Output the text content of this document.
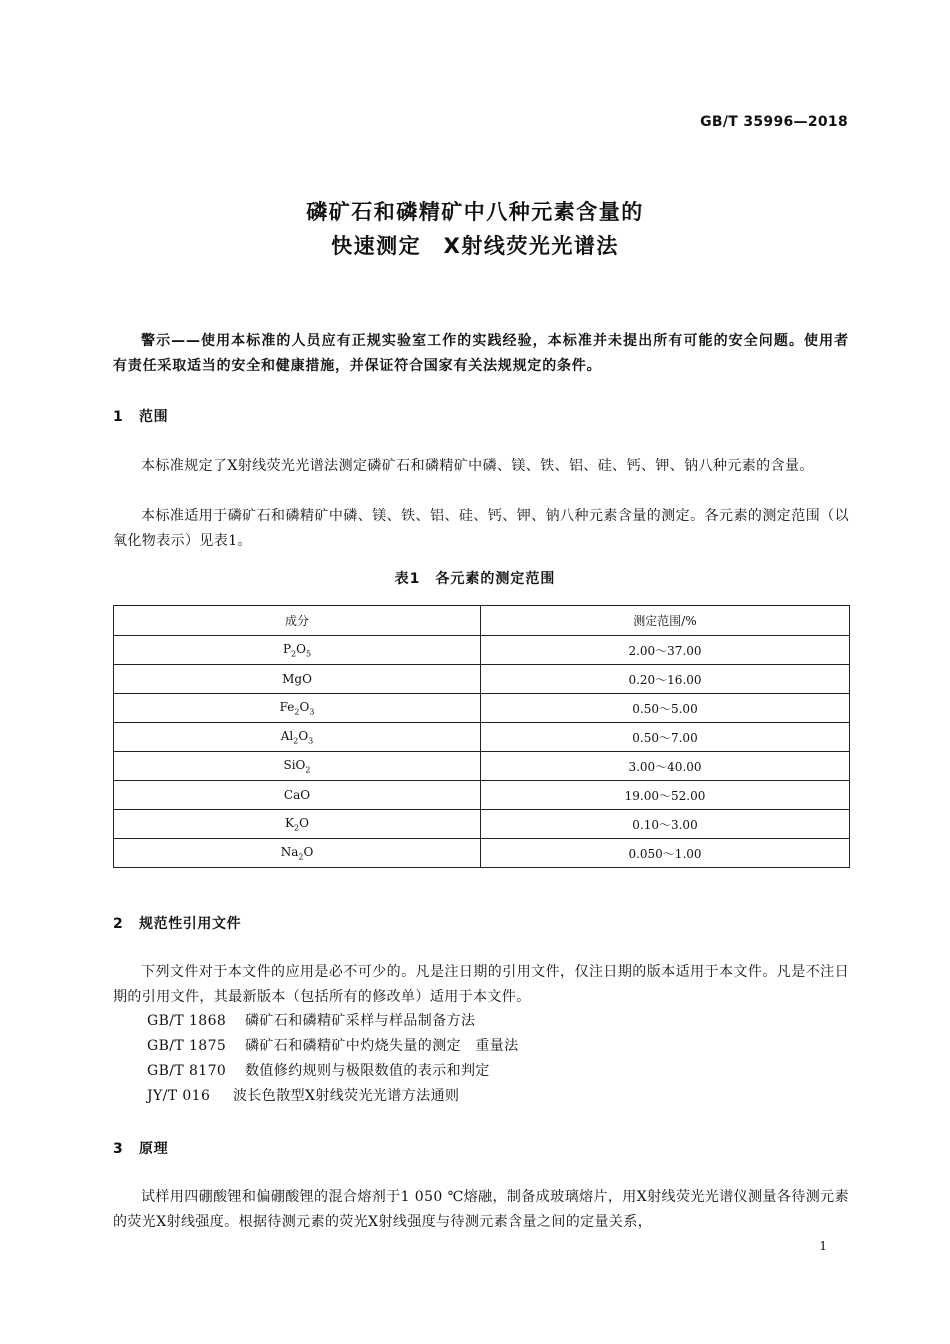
GB/T 35996—2018
磷矿石和磷精矿中八种元素含量的
快速测定　X射线荧光光谱法
警示——使用本标准的人员应有正规实验室工作的实践经验，本标准并未提出所有可能的安全问题。使用者有责任采取适当的安全和健康措施，并保证符合国家有关法规规定的条件。
1 范围
本标准规定了X射线荧光光谱法测定磷矿石和磷精矿中磷、镁、铁、铝、硅、钙、钾、钠八种元素的含量。
本标准适用于磷矿石和磷精矿中磷、镁、铁、铝、硅、钙、钾、钠八种元素含量的测定。各元素的测定范围（以氧化物表示）见表1。
表1　各元素的测定范围
成分	测定范围/%
$P_2O_5$	2.00～37.00
MgO	0.20～16.00
$Fe_2O_3$	0.50～5.00
$Al_2O_3$	0.50～7.00
SiO$_2$	3.00～40.00
CaO	19.00～52.00
$K_2O$	0.10～3.00
$Na_2O$	0.050～1.00
2 规范性引用文件
下列文件对于本文件的应用是必不可少的。凡是注日期的引用文件，仅注日期的版本适用于本文件。凡是不注日期的引用文件，其最新版本（包括所有的修改单）适用于本文件。
GB/T 1868 磷矿石和磷精矿采样与样品制备方法
GB/T 1875 磷矿石和磷精矿中灼烧失量的测定　重量法
GB/T 8170 数值修约规则与极限数值的表示和判定
JY/T 016 波长色散型X射线荧光光谱方法通则
3 原理
试样用四硼酸锂和偏硼酸锂的混合熔剂于1 050 ℃熔融，制备成玻璃熔片，用X射线荧光光谱仪测量各待测元素的荧光X射线强度。根据待测元素的荧光X射线强度与待测元素含量之间的定量关系，
1
